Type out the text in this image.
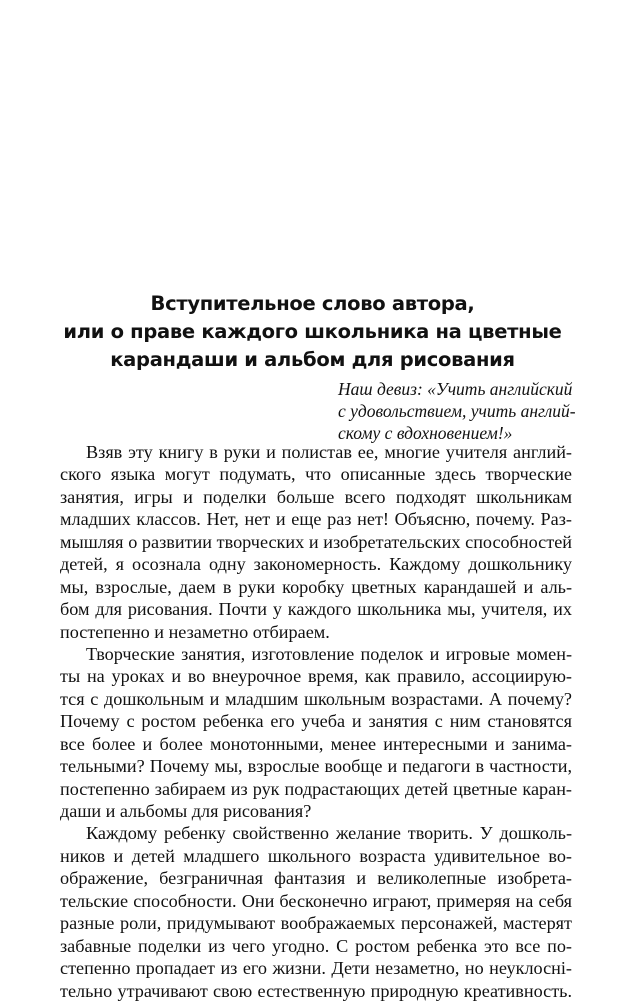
Вступительное слово автора,
или о праве каждого школьника на цветные
карандаши и альбом для рисования
Наш девиз: «Учить английский
с удовольствием, учить англий-
скому с вдохновением!»
Взяв эту книгу в руки и полистав ее, многие учителя англий-
ского языка могут подумать, что описанные здесь творческие
занятия, игры и поделки больше всего подходят школьникам
младших классов. Нет, нет и еще раз нет! Объясню, почему. Раз-
мышляя о развитии творческих и изобретательских способностей
детей, я осознала одну закономерность. Каждому дошкольнику
мы, взрослые, даем в руки коробку цветных карандашей и аль-
бом для рисования. Почти у каждого школьника мы, учителя, их
постепенно и незаметно отбираем.
Творческие занятия, изготовление поделок и игровые момен-
ты на уроках и во внеурочное время, как правило, ассоциирую-
тся с дошкольным и младшим школьным возрастами. А почему?
Почему с ростом ребенка его учеба и занятия с ним становятся
все более и более монотонными, менее интересными и занима-
тельными? Почему мы, взрослые вообще и педагоги в частности,
постепенно забираем из рук подрастающих детей цветные каран-
даши и альбомы для рисования?
Каждому ребенку свойственно желание творить. У дошколь-
ников и детей младшего школьного возраста удивительное во-
ображение, безграничная фантазия и великолепные изобрета-
тельские способности. Они бесконечно играют, примеряя на себя
разные роли, придумывают воображаемых персонажей, мастерят
забавные поделки из чего угодно. С ростом ребенка это все по-
степенно пропадает из его жизни. Дети незаметно, но неуклоснi-
тельно утрачивают свою естественную природную креативность.
